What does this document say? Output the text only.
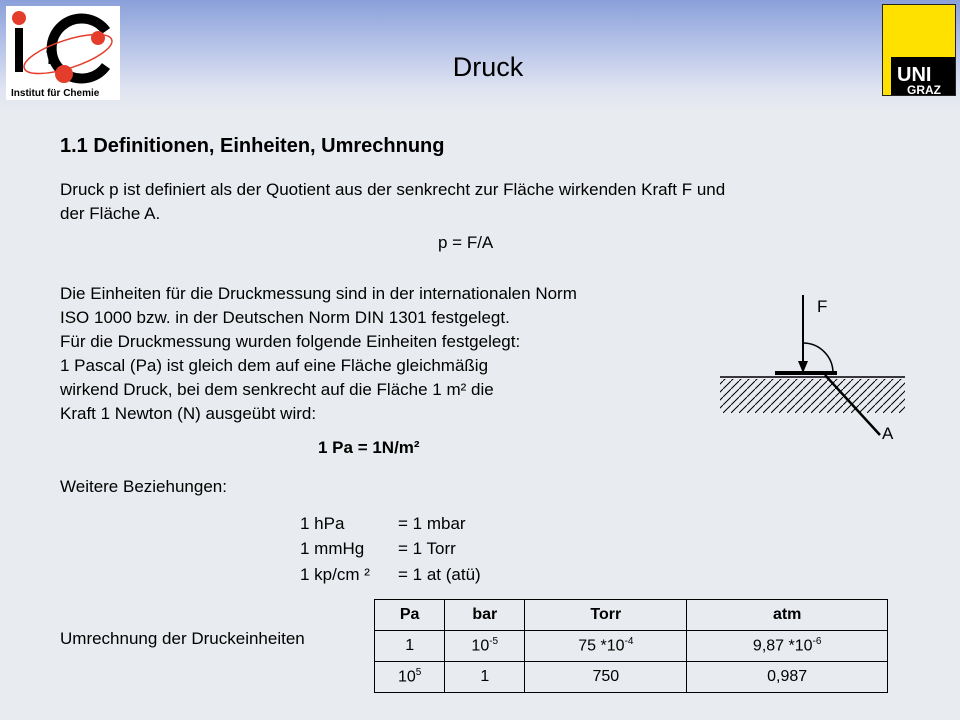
f
Institut für Chemie
UNI
GRAZ
Druck
1.1 Definitionen, Einheiten, Umrechnung
Druck p ist definiert als der Quotient aus der senkrecht zur Fläche wirkenden Kraft F und
der Fläche A.
p = F/A
Die Einheiten für die Druckmessung sind in der internationalen Norm
ISO 1000 bzw. in der Deutschen Norm DIN 1301 festgelegt.
Für die Druckmessung wurden folgende Einheiten festgelegt:
1 Pascal (Pa) ist gleich dem auf eine Fläche gleichmäßig
wirkend Druck, bei dem senkrecht auf die Fläche 1 m² die
Kraft 1 Newton (N) ausgeübt wird:
1 Pa = 1N/m²
Weitere Beziehungen:
1 hPa	= 1 mbar
1 mmHg = 1 Torr
1 kp/cm ² = 1 at (atü)
Umrechnung der Druckeinheiten
F
A
Pa	bar	Torr	atm
1	$10^{-5}$	75 $*10^{-4}$	9,87 $*10^{-6}$
$10^5$	1	750	0,987
